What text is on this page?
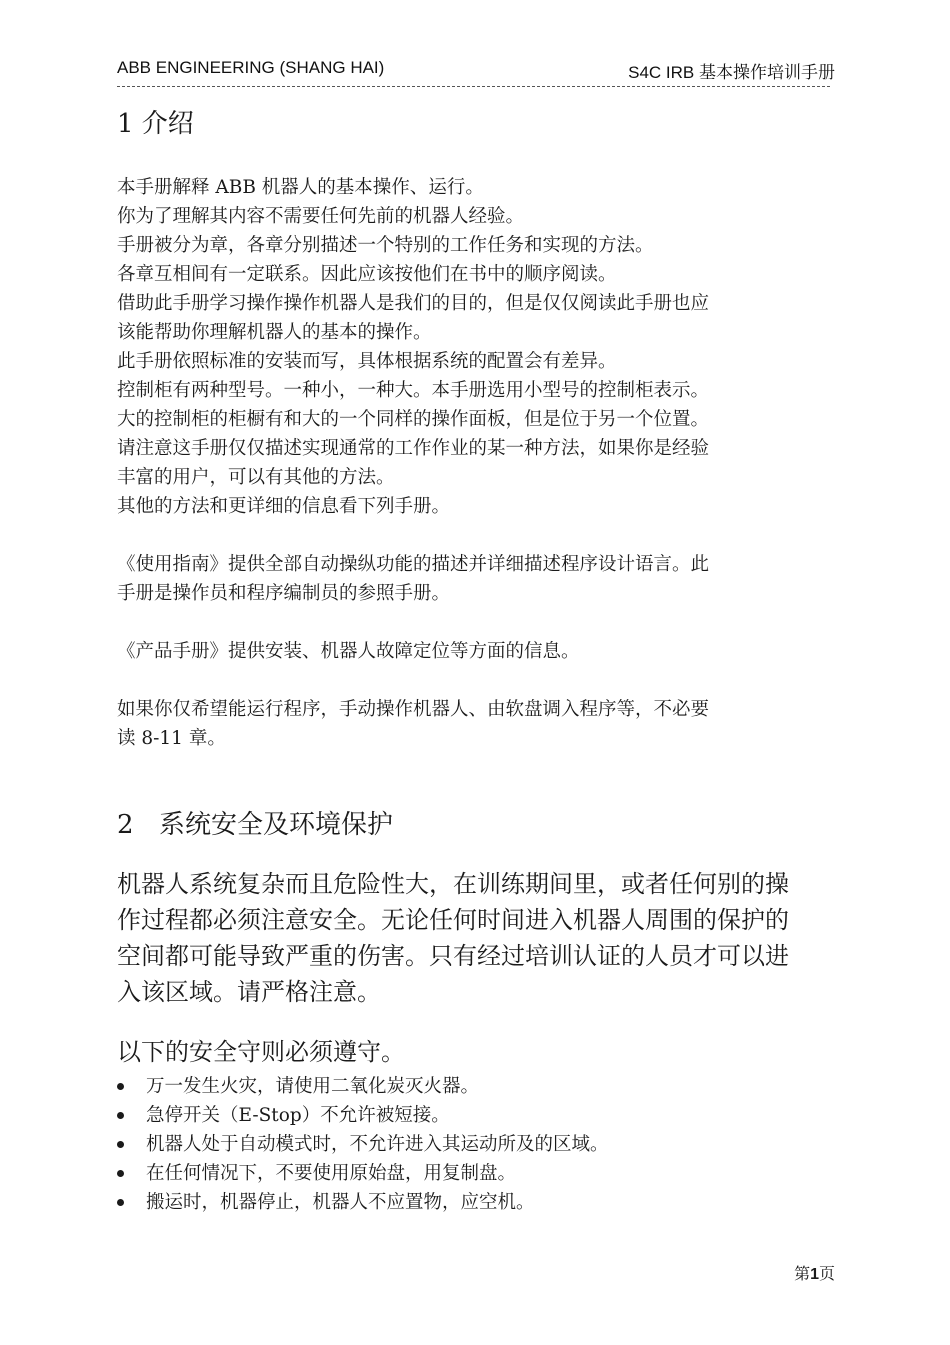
ABB ENGINEERING (SHANG HAI)	S4C IRB 基本操作培训手册
1 介绍
本手册解释 ABB 机器人的基本操作、运行。
你为了理解其内容不需要任何先前的机器人经验。
手册被分为章，各章分别描述一个特别的工作任务和实现的方法。
各章互相间有一定联系。因此应该按他们在书中的顺序阅读。
借助此手册学习操作操作机器人是我们的目的，但是仅仅阅读此手册也应
该能帮助你理解机器人的基本的操作。
此手册依照标准的安装而写，具体根据系统的配置会有差异。
控制柜有两种型号。一种小，一种大。本手册选用小型号的控制柜表示。
大的控制柜的柜橱有和大的一个同样的操作面板，但是位于另一个位置。
请注意这手册仅仅描述实现通常的工作作业的某一种方法，如果你是经验
丰富的用户，可以有其他的方法。
其他的方法和更详细的信息看下列手册。
《使用指南》提供全部自动操纵功能的描述并详细描述程序设计语言。此
手册是操作员和程序编制员的参照手册。
《产品手册》提供安装、机器人故障定位等方面的信息。
如果你仅希望能运行程序，手动操作机器人、由软盘调入程序等，不必要
读 8-11 章。
2 系统安全及环境保护
机器人系统复杂而且危险性大，在训练期间里，或者任何别的操
作过程都必须注意安全。无论任何时间进入机器人周围的保护的
空间都可能导致严重的伤害。只有经过培训认证的人员才可以进
入该区域。请严格注意。
以下的安全守则必须遵守。
万一发生火灾，请使用二氧化炭灭火器。
急停开关（E-Stop）不允许被短接。
机器人处于自动模式时，不允许进入其运动所及的区域。
在任何情况下，不要使用原始盘，用复制盘。
搬运时，机器停止，机器人不应置物，应空机。
第1页
